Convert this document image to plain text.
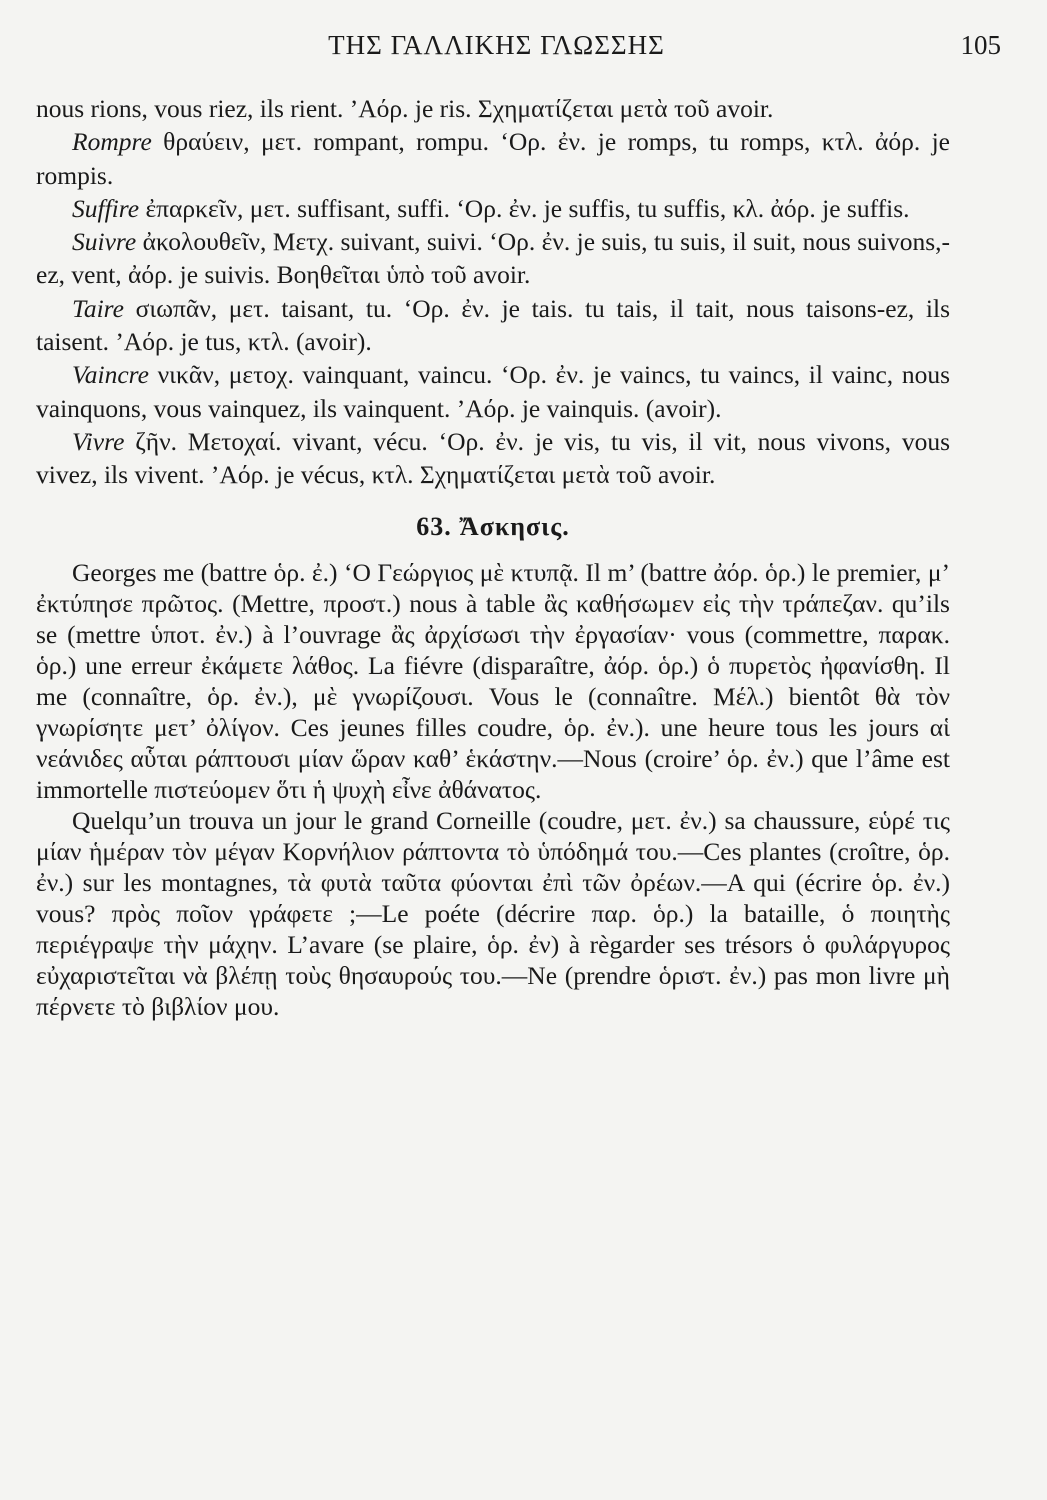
ΤΗΣ ΓΑΛΛΙΚΗΣ ΓΛΩΣΣΗΣ	105
nous rions, vous riez, ils rient. ’Αόρ. je ris. Σχηματίζεται μετὰ τοῦ avoir.
Rompre θραύειν, μετ. rompant, rompu. ‘Ορ. ἐν. je romps, tu romps, κτλ. ἀόρ. je rompis.
Suffire ἐπαρκεῖν, μετ. suffisant, suffi. ‘Ορ. ἐν. je suffis, tu suffis, κλ. ἀόρ. je suffis.
Suivre ἀκολουθεῖν, Μετχ. suivant, suivi. ‘Ορ. ἐν. je suis, tu suis, il suit, nous suivons,-ez, vent, ἀόρ. je suivis. Βοηθεῖται ὑπὸ τοῦ avoir.
Taire σιωπᾶν, μετ. taisant, tu. ‘Ορ. ἐν. je tais. tu tais, il tait, nous taisons-ez, ils taisent. ’Αόρ. je tus, κτλ. (avoir).
Vaincre νικᾶν, μετοχ. vainquant, vaincu. ‘Ορ. ἐν. je vaincs, tu vaincs, il vainc, nous vainquons, vous vainquez, ils vainquent. ’Αόρ. je vainquis. (avoir).
Vivre ζῆν. Μετοχαί. vivant, vécu. ‘Ορ. ἐν. je vis, tu vis, il vit, nous vivons, vous vivez, ils vivent. ’Αόρ. je vécus, κτλ. Σχηματίζεται μετὰ τοῦ avoir.
63. Ἄσκησις.
Georges me (battre ὁρ. ἐ.) ‘Ο Γεώργιος μὲ κτυπᾷ. Il m’ (battre ἀόρ. ὁρ.) le premier, μ’ ἐκτύπησε πρῶτος. (Mettre, προστ.) nous à table ἂς καθήσωμεν εἰς τὴν τράπεζαν. qu’ils se (mettre ὑποτ. ἐν.) à l’ouvrage ἂς ἀρχίσωσι τὴν ἐργασίαν· vous (commettre, παρακ. ὁρ.) une erreur ἐκάμετε λάθος. La fiévre (disparaître, ἀόρ. ὁρ.) ὁ πυρετὸς ἠφανίσθη. Il me (connaître, ὁρ. ἐν.), μὲ γνωρίζουσι. Vous le (connaître. Μέλ.) bientôt θὰ τὸν γνωρίσητε μετ’ ὀλίγον. Ces jeunes filles coudre, ὁρ. ἐν.). une heure tous les jours αἱ νεάνιδες αὗται ράπτουσι μίαν ὥραν καθ’ ἑκάστην.—Nous (croire’ ὁρ. ἐν.) que l’âme est immortelle πιστεύομεν ὅτι ἡ ψυχὴ εἶνε ἀθάνατος.
Quelqu’un trouva un jour le grand Corneille (coudre, μετ. ἐν.) sa chaussure, εὑρέ τις μίαν ἡμέραν τὸν μέγαν Κορνήλιον ράπτοντα τὸ ὑπόδημά του.—Ces plantes (croître, ὁρ. ἐν.) sur les montagnes, τὰ φυτὰ ταῦτα φύονται ἐπὶ τῶν ὀρέων.—A qui (écrire ὁρ. ἐν.) vous? πρὸς ποῖον γράφετε ;—Le poéte (décrire παρ. ὁρ.) la bataille, ὁ ποιητὴς περιέγραψε τὴν μάχην. L’avare (se plaire, ὁρ. ἐν) à règarder ses trésors ὁ φυλάργυρος εὐχαριστεῖται νὰ βλέπῃ τοὺς θησαυρούς του.—Ne (prendre ὁριστ. ἐν.) pas mon livre μὴ πέρνετε τὸ βιβλίον μου.
